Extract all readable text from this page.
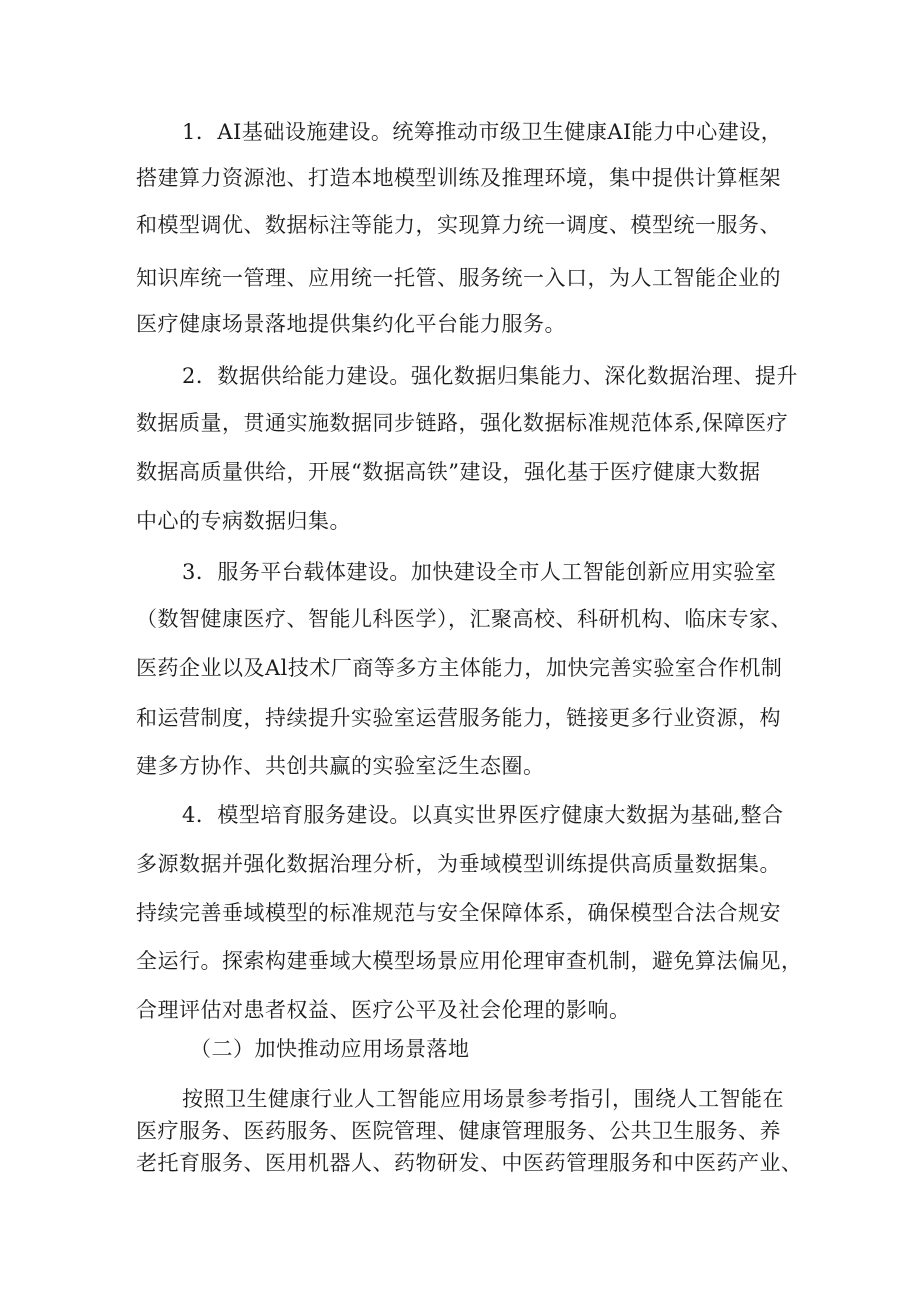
1．AI基础设施建设。统筹推动市级卫生健康AI能力中心建设，

搭建算力资源池、打造本地模型训练及推理环境，集中提供计算框架

和模型调优、数据标注等能力，实现算力统一调度、模型统一服务、

知识库统一管理、应用统一托管、服务统一入口，为人工智能企业的

医疗健康场景落地提供集约化平台能力服务。

2．数据供给能力建设。强化数据归集能力、深化数据治理、提升

数据质量，贯通实施数据同步链路，强化数据标准规范体系,保障医疗

数据高质量供给，开展“数据高铁”建设，强化基于医疗健康大数据

中心的专病数据归集。

3．服务平台载体建设。加快建设全市人工智能创新应用实验室

（数智健康医疗、智能儿科医学），汇聚高校、科研机构、临床专家、

医药企业以及Al技术厂商等多方主体能力，加快完善实验室合作机制

和运营制度，持续提升实验室运营服务能力，链接更多行业资源，构

建多方协作、共创共赢的实验室泛生态圈。

4．模型培育服务建设。以真实世界医疗健康大数据为基础,整合

多源数据并强化数据治理分析，为垂域模型训练提供高质量数据集。

持续完善垂域模型的标准规范与安全保障体系，确保模型合法合规安

全运行。探索构建垂域大模型场景应用伦理审查机制，避免算法偏见，

合理评估对患者权益、医疗公平及社会伦理的影响。

（二）加快推动应用场景落地

按照卫生健康行业人工智能应用场景参考指引，围绕人工智能在

医疗服务、医药服务、医院管理、健康管理服务、公共卫生服务、养

老托育服务、医用机器人、药物研发、中医药管理服务和中医药产业、
